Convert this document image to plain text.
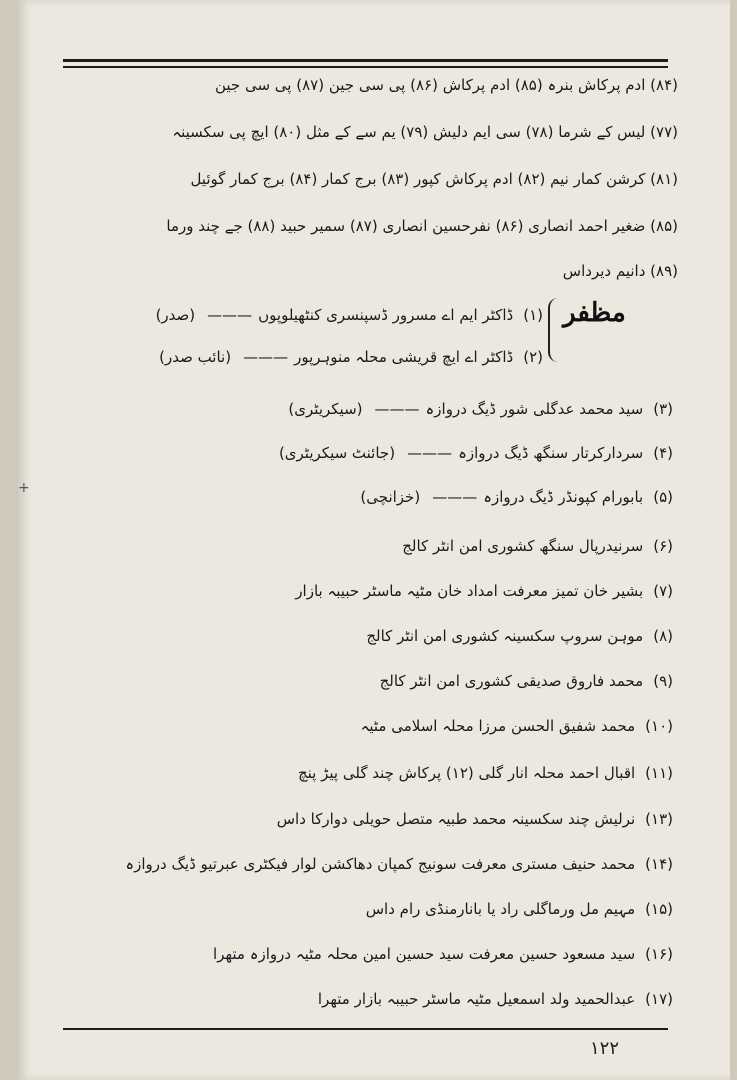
+
(۸۴) ادم پرکاش بنرہ (۸۵) ادم پرکاش (۸۶) پی سی جین (۸۷) پی سی جین
(۷۷) لیس کے شرما (۷۸) سی ایم دلیش (۷۹) یم سے کے مثل (۸۰) ایچ پی سکسینہ
(۸۱) کرشن کمار نیم (۸۲) ادم پرکاش کپور (۸۳) برج کمار (۸۴) برج کمار گوئیل
(۸۵) ضغیر احمد انصاری (۸۶) نفرحسین انصاری (۸۷) سمیر حبید (۸۸) جے چند ورما
(۸۹) دانیم دیرداس
مظفر
(۱)ڈاکٹر ایم اے مسرور ڈسپنسری کنٹھیلوپوں———(صدر)
(۲)ڈاکٹر اے ایچ قریشی محلہ منوہرپور———(نائب صدر)
(۳)سید محمد عدگلی شور ڈیگ دروازہ———(سیکریٹری)
(۴)سردارکرتار سنگھ ڈیگ دروازہ———(جائنٹ سیکریٹری)
(۵)بابورام کپونڈر ڈیگ دروازہ———(خزانچی)
(۶)سرنیدرپال سنگھ کشوری امن انٹر کالج
(۷)بشیر خان تمیز معرفت امداد خان مٹیہ ماسٹر حبیبہ بازار
(۸)موہن سروپ سکسینہ کشوری امن انٹر کالج
(۹)محمد فاروق صدیقی کشوری امن انٹر کالج
(۱۰)محمد شفیق الحسن مرزا محلہ اسلامی مٹیہ
(۱۱)اقبال احمد محلہ انار گلی (۱۲) پرکاش چند گلی پیڑ پنچ
(۱۳)نرلیش چند سکسینہ محمد طبیہ متصل حویلی دوارکا داس
(۱۴)محمد حنیف مستری معرفت سونیج کمپان دھاکشن لوار فیکٹری عبرتیو ڈیگ دروازہ
(۱۵)مہیم مل ورماگلی راد یا بانارمنڈی رام داس
(۱۶)سید مسعود حسین معرفت سید حسین امین محلہ مٹیہ دروازہ متھرا
(۱۷)عبدالحمید ولد اسمعیل مٹیہ ماسٹر حبیبہ بازار متھرا
۱۲۲
